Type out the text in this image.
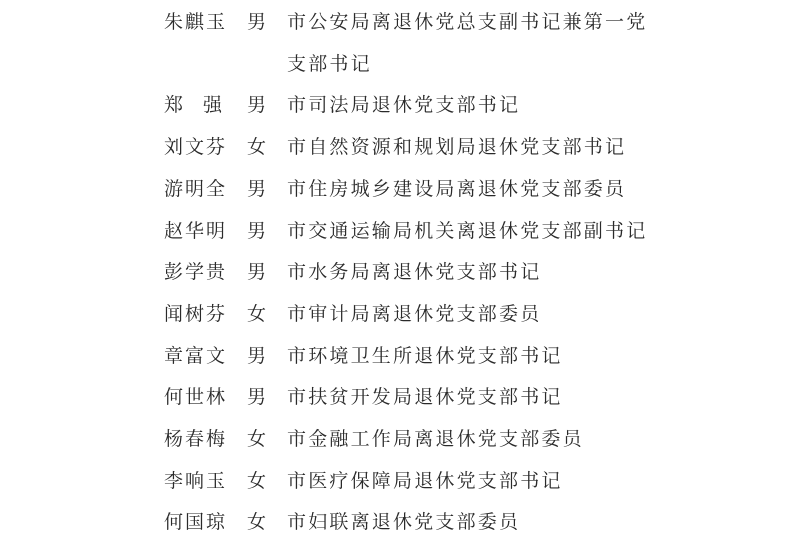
朱麒玉	男 市公安局离退休党总支副书记兼第一党
支部书记
郑 强 男 市司法局退休党支部书记
刘文芬	女 市自然资源和规划局退休党支部书记
游明全	男 市住房城乡建设局离退休党支部委员
赵华明	男 市交通运输局机关离退休党支部副书记
彭学贵	男 市水务局离退休党支部书记
闻树芬	女 市审计局离退休党支部委员
章富文	男 市环境卫生所退休党支部书记
何世林	男 市扶贫开发局退休党支部书记
杨春梅	女 市金融工作局离退休党支部委员
李响玉	女 市医疗保障局退休党支部书记
何国琼	女 市妇联离退休党支部委员
